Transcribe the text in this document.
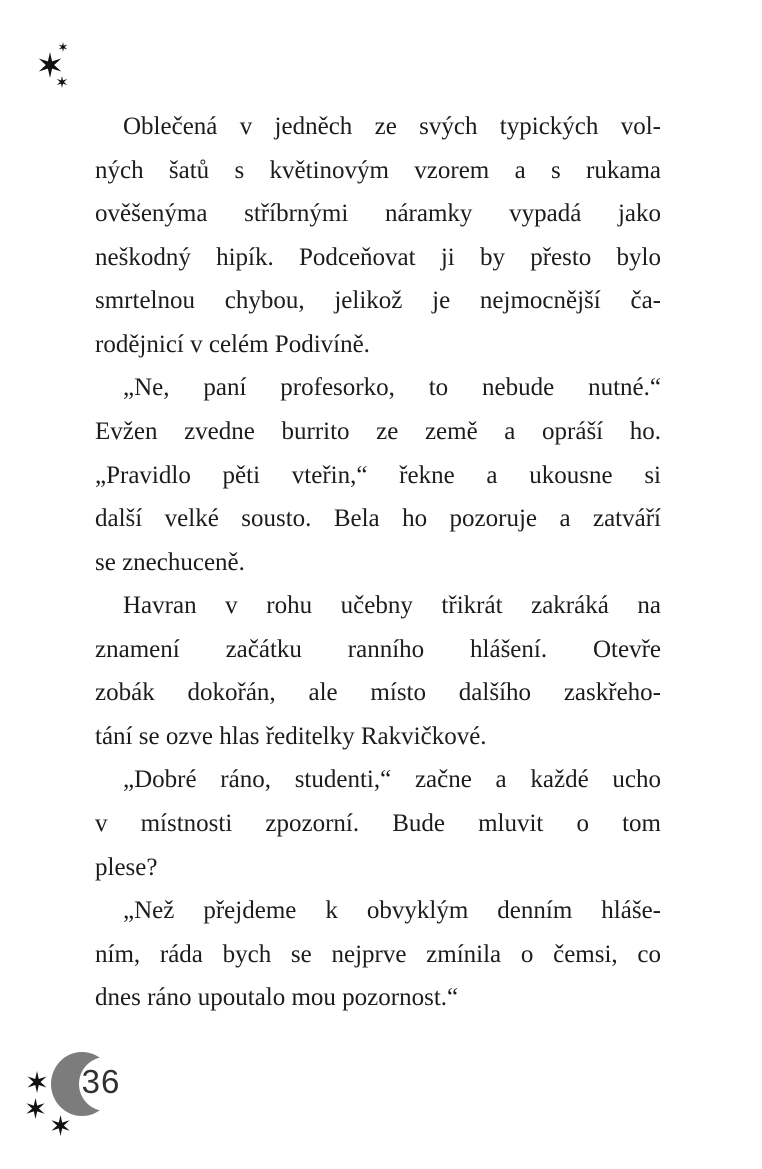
Oblečená v jedněch ze svých typických vol-
ných šatů s květinovým vzorem a s rukama
ověšenýma stříbrnými náramky vypadá jako
neškodný hipík. Podceňovat ji by přesto bylo
smrtelnou chybou, jelikož je nejmocnější ča-
rodějnicí v celém Podivíně.
„Ne, paní profesorko, to nebude nutné.“
Evžen zvedne burrito ze země a opráší ho.
„Pravidlo pěti vteřin,“ řekne a ukousne si
další velké sousto. Bela ho pozoruje a zatváří
se znechuceně.
Havran v rohu učebny třikrát zakráká na
znamení začátku ranního hlášení. Otevře
zobák dokořán, ale místo dalšího zaskřeho-
tání se ozve hlas ředitelky Rakvičkové.
„Dobré ráno, studenti,“ začne a každé ucho
v místnosti zpozorní. Bude mluvit o tom
plese?
„Než přejdeme k obvyklým denním hláše-
ním, ráda bych se nejprve zmínila o čemsi, co
dnes ráno upoutalo mou pozornost.“
36
